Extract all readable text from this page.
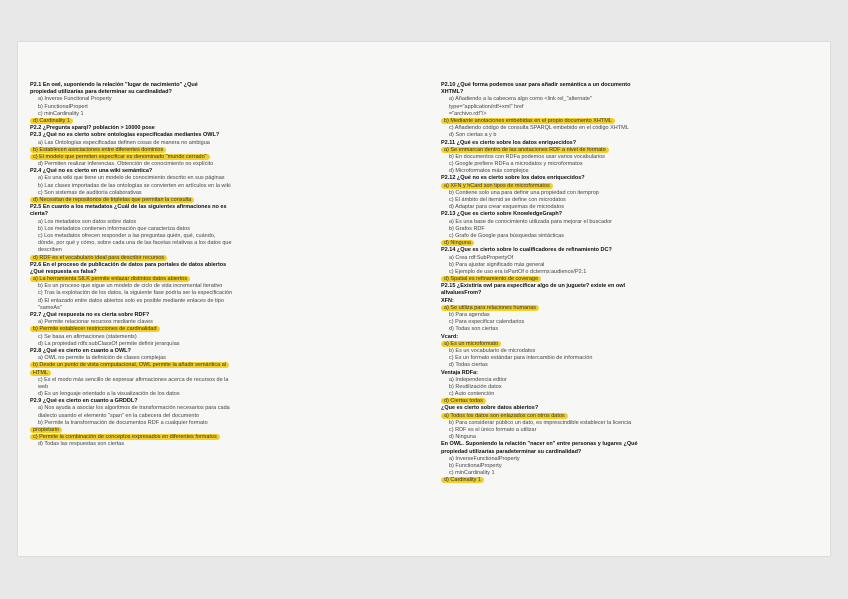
P2.1 En owl, suponiendo la relación "lugar de nacimiento" ¿Qué
propiedad utilizarías para determinar su cardinalidad?
a) Inverse Functional Property
b) FunctionalPropert
c) minCardinality 1
d) Cardinality 1
P2.2 ¿Pregunta sparql? población > 10000 pose
P2.3 ¿Qué no es cierto sobre ontologías especificadas mediantes OWL?
a) Las Ontologías especificadas definen cosas de manera no ambigua
b) Establecen asociaciones entre diferentes dominios
c) El modelo que permiten especificar es denominado "mundo cerrado"
d) Permiten realizar inferencias. Obtención de conocimiento no explícito
P2.4 ¿Qué no es cierto en una wiki semántica?
a) Es una wiki que tiene un modelo de conocimiento descrito en sus páginas
b) Las clases importadas de las ontologías se convierten en artículos en la wiki
c) Son sistemas de auditoría colaborativas
d) Necesitan de repositorios de tripletas que permitan la consulta
P2.5 En cuanto a los metadatos ¿Cuál de las siguientes afirmaciones no es
cierta?
a) Los metadatos son datos sobre datos
b) Los metadatos contienen información que caracteriza datos
c) Los metadatos ofrecen responder a las preguntas quién, qué, cuándo,
dónde, por qué y cómo, sobre cada una de las facetas relativas a los datos que
describen
d) RDF es el vocabulario ideal para describir recursos
P2.6 En el proceso de publicación de datos para portales de datos abiertos
¿Qué respuesta es falsa?
a) La herramienta SILK permite enlazar distintos datos abiertos
b) Es un proceso que sigue un modelo de ciclo de vida incremental iterativo
c) Tras la explotación de los datos, la siguiente fase podría ser la especificación
d) El enlazado entre datos abiertos solo es posible mediante enlaces de tipo
"sameAs"
P2.7 ¿Qué respuesta no es cierta sobre RDF?
a) Permite relacionar recursos mediante claves
b) Permite establecer restricciones de cardinalidad
c) Se basa en afirmaciones (statements)
d) La propiedad rdfs:subClassOf permite definir jerarquías
P2.8 ¿Qué es cierto en cuanto a OWL?
a) OWL no permite la definición de clases complejas
b) Desde un punto de vista computacional, OWL permite la añadir semántica al
HTML
c) Es el modo más sencillo de expresar afirmaciones acerca de recursos de la
web
d) Es un lenguaje orientado a la visualización de los datos
P2.9 ¿Qué es cierto en cuanto a GRDDL?
a) Nos ayuda a asociar los algoritmos de transformación necesarios para cada
dialecto usando el elemento "span" en la cabecera del documento
b) Permite la transformación de documentos RDF a cualquier formato
propietario
c) Permite la combinación de conceptos expresados en diferentes formatos
d) Todas las respuestas son ciertas
P2.10 ¿Qué forma podemos usar para añadir semántica a un documento
XHTML?
a) Añadiendo a la cabecera algo como <link rel_"alternate"
type="application/rdf+xml" href
="archivo.rdf"/>
b) Mediante anotaciones embebidas en el propio documento XHTML
c) Añadiendo código de consulta SPARQL embebido en el código XHTML
d) Son ciertas a y b
P2.11 ¿Qué es cierto sobre los datos enriquecidos?
a) Se enmarcan dentro de las anotaciones RDF a nivel de formato
b) En documentos con RDFa podemos usar varios vocabularios
c) Google prefiere RDFa a microdatos y microformatos
d) Microformatos más complejos
P2.12 ¿Qué no es cierto sobre los datos enriquecidos?
a) XFN y hCard son tipos de microformatos
b) Contiene solo una para definir una propiedad con itemprop
c) El ámbito del itemid se define con microdatos
d) Adaptar para crear esquemas de microdatos
P2.13 ¿Que es cierto sobre KnowledgeGraph?
a) Es una base de conocimiento utilizada para mejorar el buscador
b) Grafos RDF
c) Grafo de Google para búsquedas sintácticas
d) Ninguna
P2.14 ¿Que es cierto sobre lo cualificadores de refinamiento DC?
a) Crea rdf:SubPropertyOf
b) Para ajustar significado más general
c) Ejemplo de uso era isPartOf o dcterms:audience/P2.1
d) Spatial es refinamiento de coverage
P2.15 ¿Existiría owl para especificar algo de un juguete? existe en owl
allvaluesFrom?
XFN:
a) Se utiliza para relaciones humanas
b) Para agendas
c) Para especificar calendarios
d) Todas son ciertas
Vcard:
a) Es un microformato
b) Es un vocabulario de microdatos
c) Es un formato estándar para intercambio de información
d) Todas ciertas
Ventaja RDFa:
a) Independencia editor
b) Reutilización datos
c) Auto contención
d) Ciertas todas
¿Que es cierto sobre datos abiertos?
a) Todos los datos son enlazados con otros datos
b) Para considerar público un dato, es imprescindible establecer la licencia
c) RDF es el único formato a utilizar
d) Ninguna
En OWL. Suponiendo la relación "nacer en" entre personas y lugares ¿Qué
propiedad utilizarías paradeterminar su cardinalidad?
a) InverseFunctionalProperty
b) FunctionalProperty
c) minCardinality 1
d) Cardinality 1
